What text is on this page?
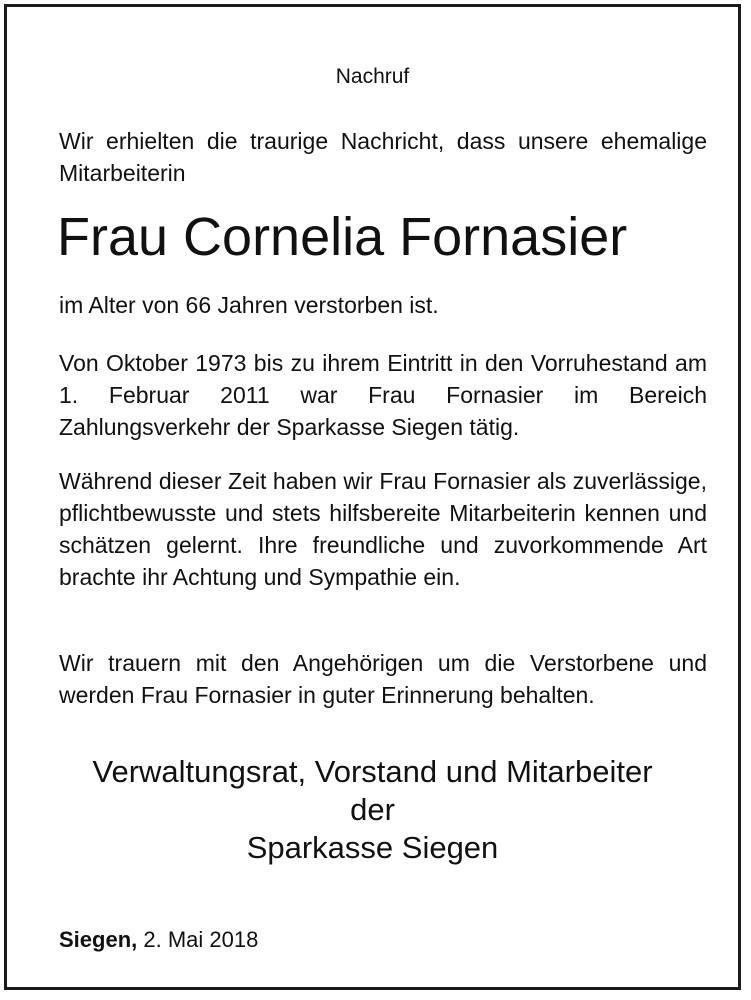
Nachruf

Wir erhielten die traurige Nachricht, dass unsere ehemalige Mitarbeiterin

Frau Cornelia Fornasier

im Alter von 66 Jahren verstorben ist.

Von Oktober 1973 bis zu ihrem Eintritt in den Vorruhestand am 1. Februar 2011 war Frau Fornasier im Bereich Zahlungsverkehr der Sparkasse Siegen tätig.

Während dieser Zeit haben wir Frau Fornasier als zuverlässige, pflichtbewusste und stets hilfsbereite Mitarbeiterin kennen und schätzen gelernt. Ihre freundliche und zuvorkommende Art brachte ihr Achtung und Sympathie ein.

Wir trauern mit den Angehörigen um die Verstorbene und werden Frau Fornasier in guter Erinnerung behalten.

Verwaltungsrat, Vorstand und Mitarbeiter
der
Sparkasse Siegen
Siegen, 2. Mai 2018
